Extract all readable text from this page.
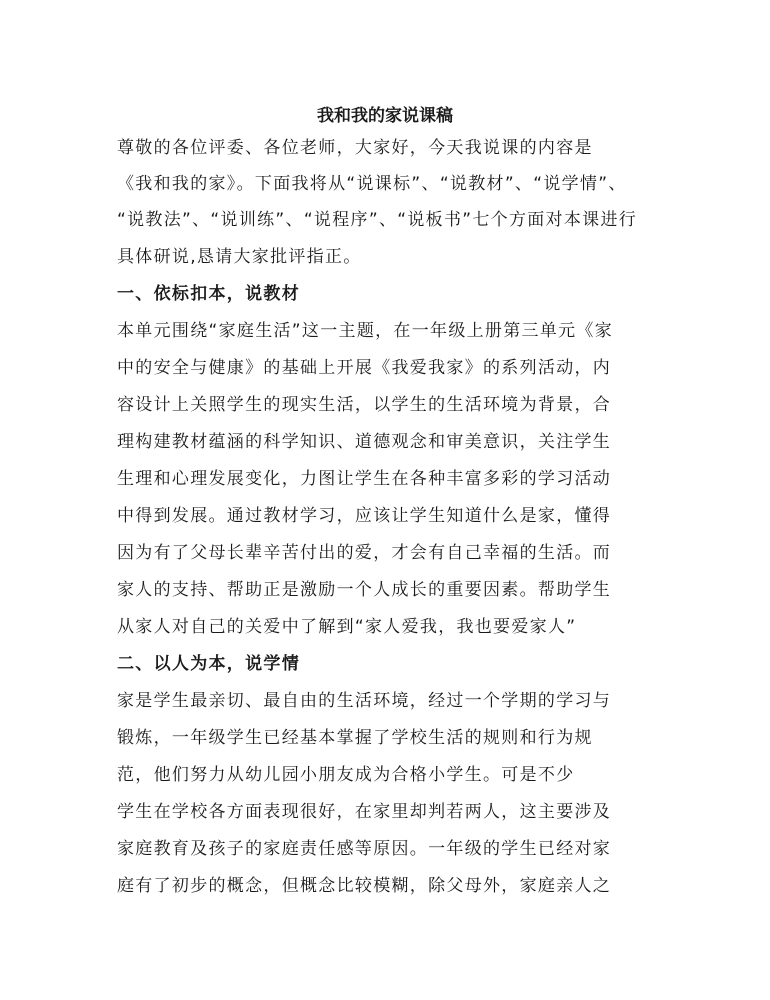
我和我的家说课稿
尊敬的各位评委、各位老师，大家好，今天我说课的内容是
《我和我的家》。下面我将从“说课标”、“说教材”、“说学情”、
“说教法”、“说训练”、“说程序”、“说板书”七个方面对本课进行
具体研说,恳请大家批评指正。
一、依标扣本，说教材
本单元围绕“家庭生活”这一主题，在一年级上册第三单元《家
中的安全与健康》的基础上开展《我爱我家》的系列活动，内
容设计上关照学生的现实生活，以学生的生活环境为背景，合
理构建教材蕴涵的科学知识、道德观念和审美意识，关注学生
生理和心理发展变化，力图让学生在各种丰富多彩的学习活动
中得到发展。通过教材学习，应该让学生知道什么是家，懂得
因为有了父母长辈辛苦付出的爱，才会有自己幸福的生活。而
家人的支持、帮助正是激励一个人成长的重要因素。帮助学生
从家人对自己的关爱中了解到“家人爱我，我也要爱家人”
二、以人为本，说学情
家是学生最亲切、最自由的生活环境，经过一个学期的学习与
锻炼，一年级学生已经基本掌握了学校生活的规则和行为规
范，他们努力从幼儿园小朋友成为合格小学生。可是不少
学生在学校各方面表现很好，在家里却判若两人，这主要涉及
家庭教育及孩子的家庭责任感等原因。一年级的学生已经对家
庭有了初步的概念，但概念比较模糊，除父母外，家庭亲人之
